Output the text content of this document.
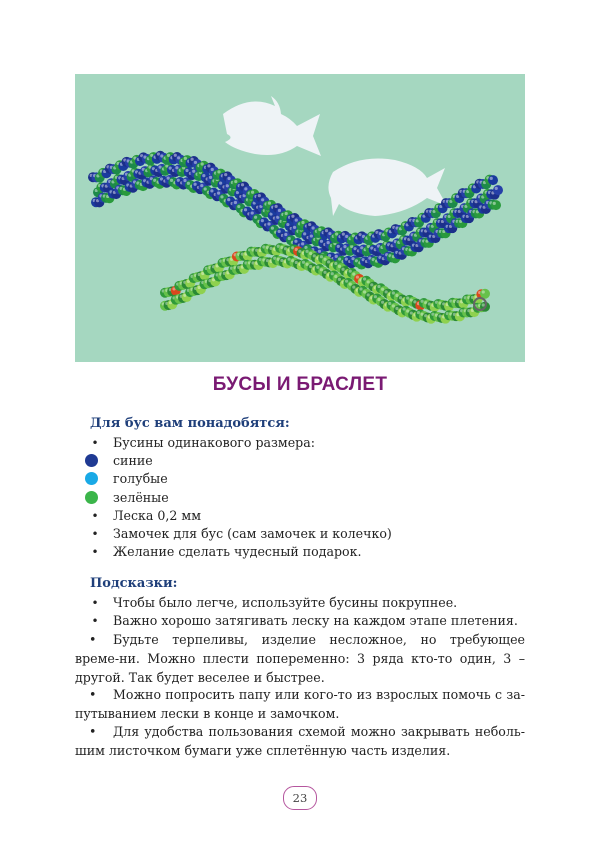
БУСЫ И БРАСЛЕТ
Для бус вам понадобятся:
• Бусины одинакового размера:
синие
голубые
зелёные
• Леска 0,2 мм
• Замочек для бус (сам замочек и колечко)
• Желание сделать чудесный подарок.
Подсказки:
• Чтобы было легче, используйте бусины покрупнее.
• Важно хорошо затягивать леску на каждом этапе плетения.
• Будьте терпеливы, изделие несложное, но требующее време-ни. Можно плести попеременно: 3 ряда кто-то один, 3 – другой. Так будет веселее и быстрее.
• Можно попросить папу или кого-то из взрослых помочь с за-путыванием лески в конце и замочком.
• Для удобства пользования схемой можно закрывать неболь-шим листочком бумаги уже сплетённую часть изделия.
23
